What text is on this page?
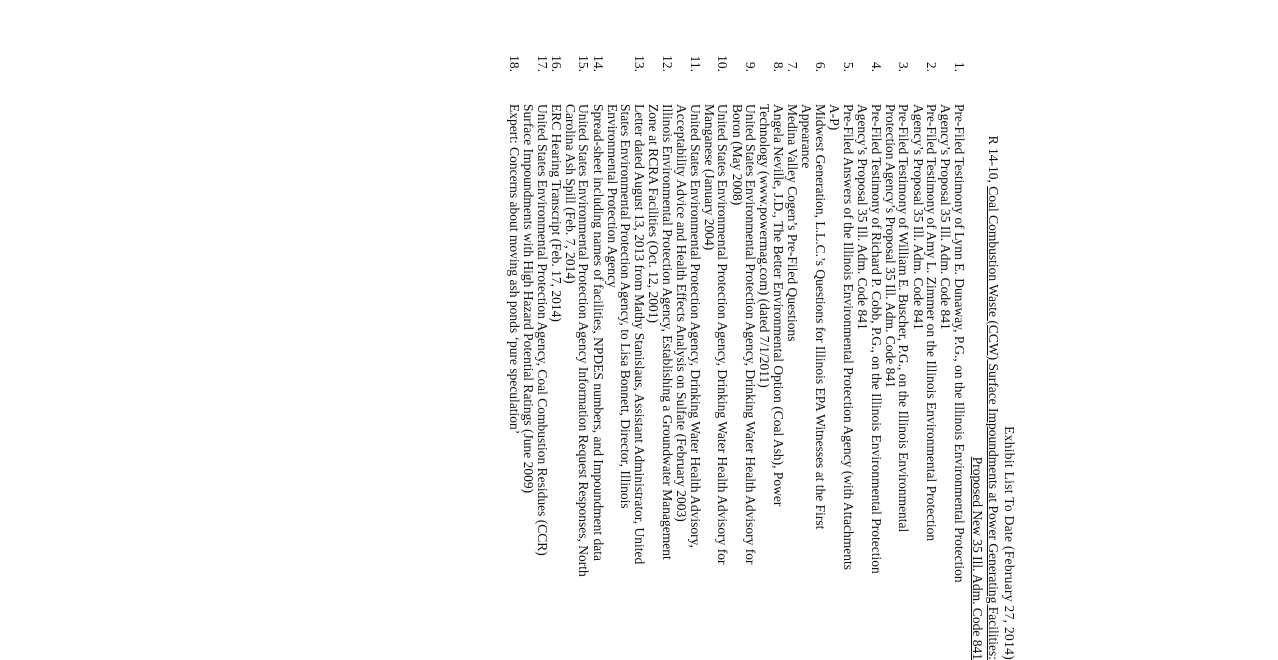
Exhibit List To Date (February 27, 2014)
R 14-10, Coal Combustion Waste (CCW) Surface Impoundments at Power Generating Facilities:
Proposed New 35 Ill. Adm. Code 841
1.
Pre-Filed Testimony of Lynn E. Dunaway, P.G., on the Illinois Environmental Protection
Agency’s Proposal 35 Ill. Adm. Code 841
2.
Pre-Filed Testimony of Amy L. Zimmer on the Illinois Environmental Protection
Agency’s Proposal 35 Ill. Adm. Code 841
3.
Pre-Filed Testimony of William E. Buscher, P.G., on the Illinois Environmental
Protection Agency’s Proposal 35 Ill. Adm. Code 841
4.
Pre-Filed Testimony of Richard P. Cobb, P.G., on the Illinois Environmental Protection
Agency’s Proposal 35 Ill. Adm. Code 841
5.
Pre-Filed Answers of the Illinois Environmental Protection Agency (with Attachments
A-P)
6.
Midwest Generation, L.L.C.’s Questions for Illinois EPA Witnesses at the First
Appearance
7.
Medina Valley Cogen’s Pre-Filed Questions
8.
Angela Neville, J.D., The Better Environmental Option (Coal Ash), Power
Technology (www.powermag.com) (dated 7/1/2011)
9.
United States Environmental Protection Agency, Drinking Water Health Advisory for
Boron (May 2008)
10.
United States Environmental Protection Agency, Drinking Water Health Advisory for
Manganese (January 2004)
11.
United States Environmental Protection Agency, Drinking Water Health Advisory,
Acceptability Advice and Health Effects Analysis on Sulfate (February 2003)
12.
Illinois Environmental Protection Agency, Establishing a Groundwater Management
Zone at RCRA Facilities (Oct. 12, 2001)
13.
Letter dated August 13, 2013 from Mathy Stanislaus, Assistant Administrator, United
States Environmental Protection Agency, to Lisa Bonnett, Director, Illinois
Environmental Protection Agency
14.
Spread-sheet including names of facilities, NPDES numbers, and Impoundment data
15.
United States Environmental Protection Agency Information Request Responses, North
Carolina Ash Spill (Feb. 7, 2014)
16.
ERC Hearing Transcript (Feb. 17, 2014)
17.
United States Environmental Protection Agency, Coal Combustion Residues (CCR)
Surface Impoundments with High Hazard Potential Ratings (June 2009)
18.
Expert: Concerns about moving ash ponds ‘pure speculation’
